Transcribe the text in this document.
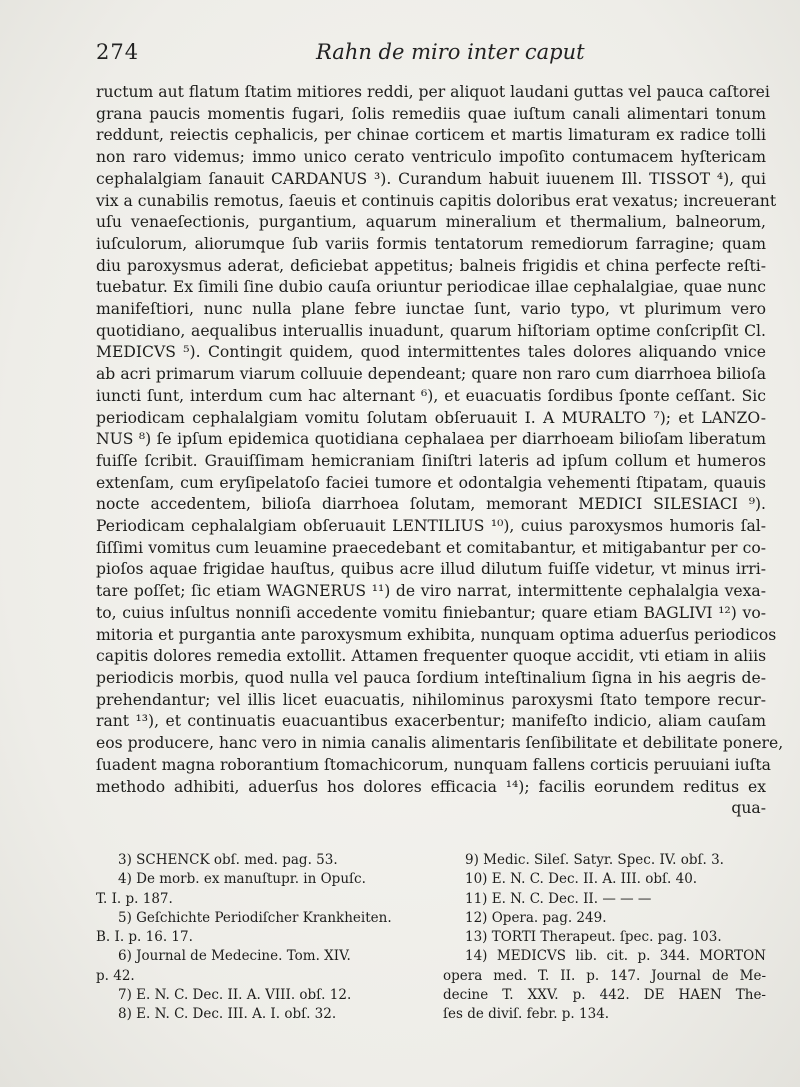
274	Rahn de miro inter caput
ructum aut flatum ſtatim mitiores reddi, per aliquot laudani guttas vel pauca caſtorei
grana paucis momentis fugari, ſolis remediis quae iuſtum canali alimentari tonum
reddunt, reiectis cephalicis, per chinae corticem et martis limaturam ex radice tolli
non raro videmus; immo unico cerato ventriculo impoſito contumacem hyſtericam
cephalalgiam ſanauit CARDANUS ³). Curandum habuit iuuenem Ill. TISSOT ⁴), qui
vix a cunabilis remotus, ſaeuis et continuis capitis doloribus erat vexatus; increuerant
uſu venaeſectionis, purgantium, aquarum mineralium et thermalium, balneorum,
iuſculorum, aliorumque ſub variis formis tentatorum remediorum farragine; quam
diu paroxysmus aderat, deficiebat appetitus; balneis frigidis et china perfecte reſti-
tuebatur. Ex ſimili ſine dubio cauſa oriuntur periodicae illae cephalalgiae, quae nunc
manifeſtiori, nunc nulla plane febre iunctae ſunt, vario typo, vt plurimum vero
quotidiano, aequalibus interuallis inuadunt, quarum hiſtoriam optime conſcripſit Cl.
MEDICVS ⁵). Contingit quidem, quod intermittentes tales dolores aliquando vnice
ab acri primarum viarum colluuie dependeant; quare non raro cum diarrhoea bilioſa
iuncti ſunt, interdum cum hac alternant ⁶), et euacuatis ſordibus ſponte ceſſant. Sic
periodicam cephalalgiam vomitu ſolutam obſeruauit I. A MURALTO ⁷); et LANZO-
NUS ⁸) ſe ipſum epidemica quotidiana cephalaea per diarrhoeam bilioſam liberatum
fuiſſe ſcribit. Grauiſſimam hemicraniam ſiniſtri lateris ad ipſum collum et humeros
extenſam, cum eryſipelatoſo faciei tumore et odontalgia vehementi ſtipatam, quauis
nocte accedentem, bilioſa diarrhoea ſolutam, memorant MEDICI SILESIACI ⁹).
Periodicam cephalalgiam obſeruauit LENTILIUS ¹⁰), cuius paroxysmos humoris ſal-
ſiſſimi vomitus cum leuamine praecedebant et comitabantur, et mitigabantur per co-
pioſos aquae frigidae hauſtus, quibus acre illud dilutum fuiſſe videtur, vt minus irri-
tare poſſet; ſic etiam WAGNERUS ¹¹) de viro narrat, intermittente cephalalgia vexa-
to, cuius inſultus nonniſi accedente vomitu finiebantur; quare etiam BAGLIVI ¹²) vo-
mitoria et purgantia ante paroxysmum exhibita, nunquam optima aduerſus periodicos
capitis dolores remedia extollit. Attamen frequenter quoque accidit, vti etiam in aliis
periodicis morbis, quod nulla vel pauca ſordium inteſtinalium ſigna in his aegris de-
prehendantur; vel illis licet euacuatis, nihilominus paroxysmi ſtato tempore recur-
rant ¹³), et continuatis euacuantibus exacerbentur; manifeſto indicio, aliam cauſam
eos producere, hanc vero in nimia canalis alimentaris ſenſibilitate et debilitate ponere,
ſuadent magna roborantium ſtomachicorum, nunquam fallens corticis peruuiani iuſta
methodo adhibiti, aduerſus hos dolores efficacia ¹⁴); facilis eorundem reditus ex
qua-
3) SCHENCK obſ. med. pag. 53.
4) De morb. ex manuſtupr. in Opuſc.
T. I. p. 187.
5) Geſchichte Periodiſcher Krankheiten.
B. I. p. 16. 17.
6) Journal de Medecine. Tom. XIV.
p. 42.
7) E. N. C. Dec. II. A. VIII. obſ. 12.
8) E. N. C. Dec. III. A. I. obſ. 32.
9) Medic. Sileſ. Satyr. Spec. IV. obſ. 3.
10) E. N. C. Dec. II. A. III. obſ. 40.
11) E. N. C. Dec. II. — — —
12) Opera. pag. 249.
13) TORTI Therapeut. ſpec. pag. 103.
14) MEDICVS lib. cit. p. 344. MORTON
opera med. T. II. p. 147. Journal de Me-
decine T. XXV. p. 442. DE HAEN The-
ſes de diviſ. febr. p. 134.
